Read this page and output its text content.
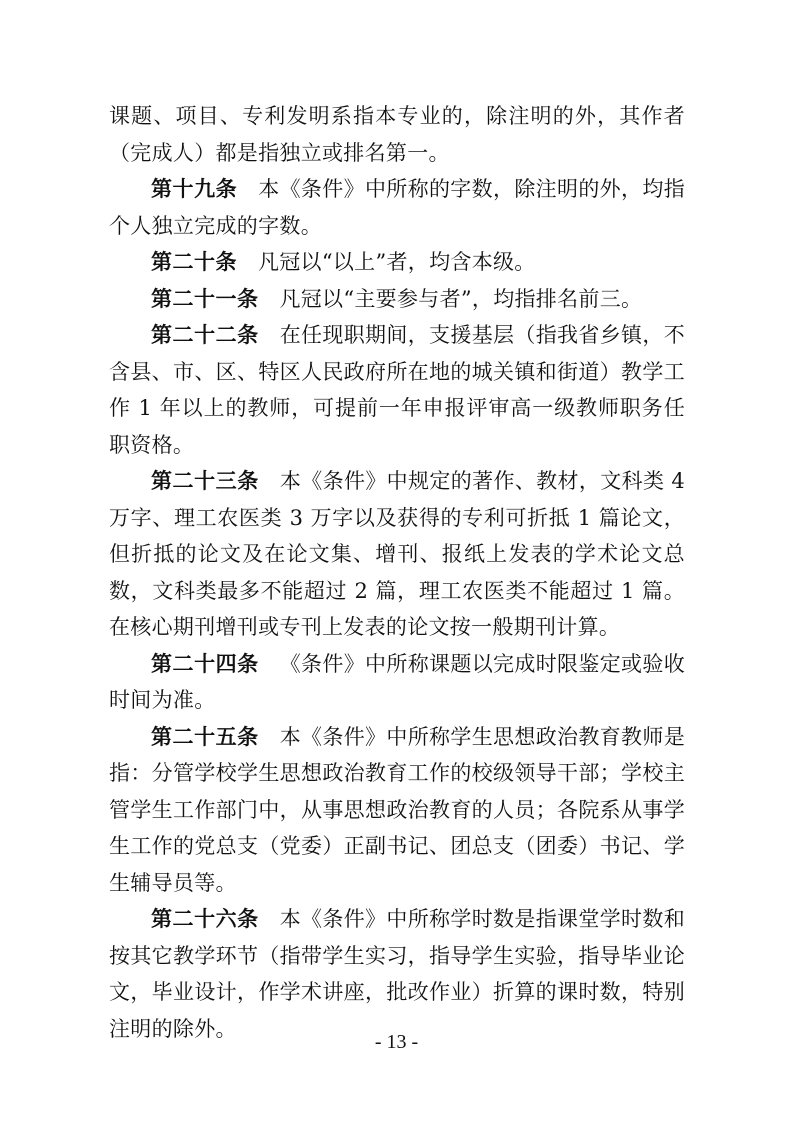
课题、项目、专利发明系指本专业的，除注明的外，其作者（完成人）都是指独立或排名第一。

第十九条 本《条件》中所称的字数，除注明的外，均指个人独立完成的字数。

第二十条 凡冠以“以上”者，均含本级。

第二十一条 凡冠以“主要参与者”，均指排名前三。

第二十二条 在任现职期间，支援基层（指我省乡镇，不含县、市、区、特区人民政府所在地的城关镇和街道）教学工作 1 年以上的教师，可提前一年申报评审高一级教师职务任职资格。

第二十三条 本《条件》中规定的著作、教材，文科类 4 万字、理工农医类 3 万字以及获得的专利可折抵 1 篇论文，但折抵的论文及在论文集、增刊、报纸上发表的学术论文总数，文科类最多不能超过 2 篇，理工农医类不能超过 1 篇。在核心期刊增刊或专刊上发表的论文按一般期刊计算。

第二十四条 《条件》中所称课题以完成时限鉴定或验收时间为准。

第二十五条 本《条件》中所称学生思想政治教育教师是指：分管学校学生思想政治教育工作的校级领导干部；学校主管学生工作部门中，从事思想政治教育的人员；各院系从事学生工作的党总支（党委）正副书记、团总支（团委）书记、学生辅导员等。

第二十六条 本《条件》中所称学时数是指课堂学时数和按其它教学环节（指带学生实习，指导学生实验，指导毕业论文，毕业设计，作学术讲座，批改作业）折算的课时数，特别注明的除外。

- 13 -
